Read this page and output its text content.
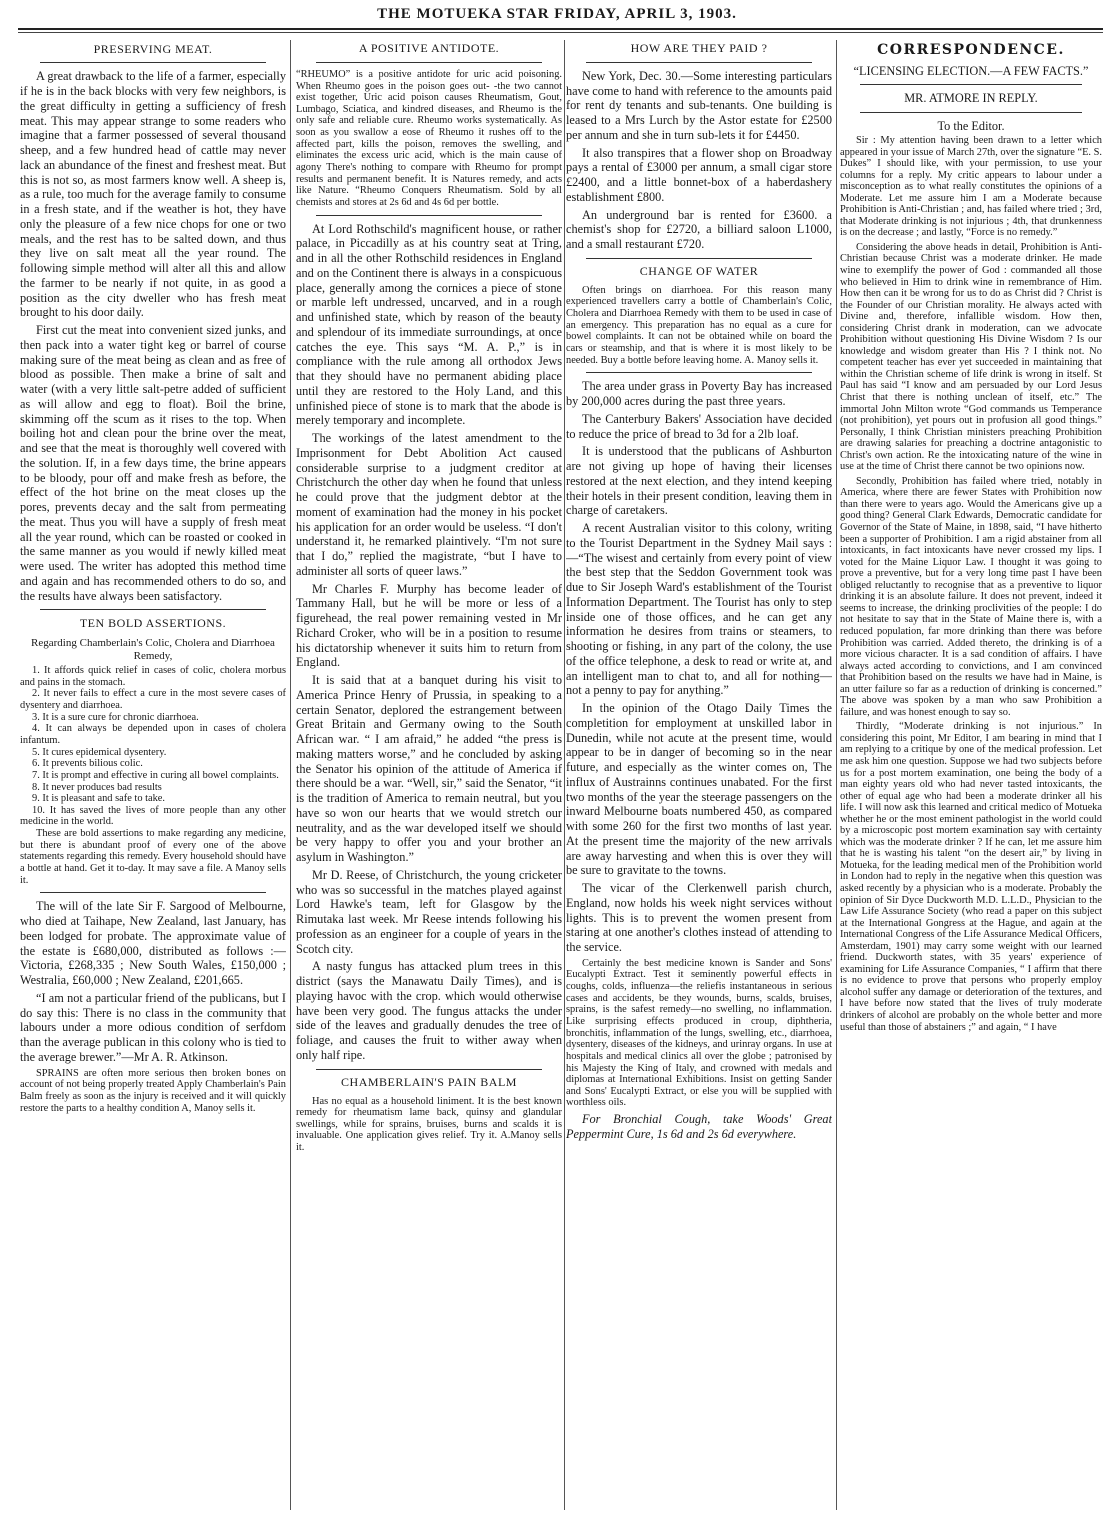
THE MOTUEKA STAR FRIDAY, APRIL 3, 1903.
PRESERVING MEAT.

A great drawback to the life of a farmer, especially if he is in the back blocks with very few neighbors, is the great difficulty in getting a sufficiency of fresh meat. This may appear strange to some readers who imagine that a farmer possessed of several thousand sheep, and a few hundred head of cattle may never lack an abundance of the finest and freshest meat. But this is not so, as most farmers know well. A sheep is, as a rule, too much for the average family to consume in a fresh state, and if the weather is hot, they have only the pleasure of a few nice chops for one or two meals, and the rest has to be salted down, and thus they live on salt meat all the year round. The following simple method will alter all this and allow the farmer to be nearly if not quite, in as good a position as the city dweller who has fresh meat brought to his door daily.

First cut the meat into convenient sized junks, and then pack into a water tight keg or barrel of course making sure of the meat being as clean and as free of blood as possible. Then make a brine of salt and water (with a very little salt-petre added of sufficient as will allow and egg to float). Boil the brine, skimming off the scum as it rises to the top. When boiling hot and clean pour the brine over the meat, and see that the meat is thoroughly well covered with the solution. If, in a few days time, the brine appears to be bloody, pour off and make fresh as before, the effect of the hot brine on the meat closes up the pores, prevents decay and the salt from permeating the meat. Thus you will have a supply of fresh meat all the year round, which can be roasted or cooked in the same manner as you would if newly killed meat were used. The writer has adopted this method time and again and has recommended others to do so, and the results have always been satisfactory.

TEN BOLD ASSERTIONS.
Regarding Chamberlain's Colic, Cholera and Diarrhoea Remedy,
1. It affords quick relief in cases of colic, cholera morbus and pains in the stomach.
2. It never fails to effect a cure in the most severe cases of dysentery and diarrhoea.
3. It is a sure cure for chronic diarrhoea.
4. It can always be depended upon in cases of cholera infantum.
5. It cures epidemical dysentery.
6. It prevents bilious colic.
7. It is prompt and effective in curing all bowel complaints.
8. It never produces bad results
9. It is pleasant and safe to take.
10. It has saved the lives of more people than any other medicine in the world.

These are bold assertions to make regarding any medicine, but there is abundant proof of every one of the above statements regarding this remedy. Every household should have a bottle at hand. Get it to-day. It may save a file. A Manoy sells it.

The will of the late Sir F. Sargood of Melbourne, who died at Taihape, New Zealand, last January, has been lodged for probate. The approximate value of the estate is £680,000, distributed as follows :—Victoria, £268,335 ; New South Wales, £150,000 ; Westralia, £60,000 ; New Zealand, £201,665.

“I am not a particular friend of the publicans, but I do say this: There is no class in the community that labours under a more odious condition of serfdom than the average publican in this colony who is tied to the average brewer.”—Mr A. R. Atkinson.

SPRAINS are often more serious then broken bones on account of not being properly treated Apply Chamberlain's Pain Balm freely as soon as the injury is received and it will quickly restore the parts to a healthy condition A, Manoy sells it.

A POSITIVE ANTIDOTE.

“RHEUMO” is a positive antidote for uric acid poisoning. When Rheumo goes in the poison goes out- -the two cannot exist together, Uric acid poison causes Rheumatism, Gout, Lumbago, Sciatica, and kindred diseases, and Rheumo is the only safe and reliable cure. Rheumo works systematically. As soon as you swallow a eose of Rheumo it rushes off to the affected part, kills the poison, removes the swelling, and eliminates the excess uric acid, which is the main cause of agony There's nothing to compare with Rheumo for prompt results and permanent benefit. It is Natures remedy, and acts like Nature. “Rheumo Conquers Rheumatism. Sold by all chemists and stores at 2s 6d and 4s 6d per bottle.

At Lord Rothschild's magnificent house, or rather palace, in Piccadilly as at his country seat at Tring, and in all the other Rothschild residences in England and on the Continent there is always in a conspicuous place, generally among the cornices a piece of stone or marble left undressed, uncarved, and in a rough and unfinished state, which by reason of the beauty and splendour of its immediate surroundings, at once catches the eye. This says “M. A. P.,” is in compliance with the rule among all orthodox Jews that they should have no permanent abiding place until they are restored to the Holy Land, and this unfinished piece of stone is to mark that the abode is merely temporary and incomplete.

The workings of the latest amendment to the Imprisonment for Debt Abolition Act caused considerable surprise to a judgment creditor at Christchurch the other day when he found that unless he could prove that the judgment debtor at the moment of examination had the money in his pocket his application for an order would be useless. “I don't understand it, he remarked plaintively. “I'm not sure that I do,” replied the magistrate, “but I have to administer all sorts of queer laws.”

Mr Charles F. Murphy has become leader of Tammany Hall, but he will be more or less of a figurehead, the real power remaining vested in Mr Richard Croker, who will be in a position to resume his dictatorship whenever it suits him to return from England.

It is said that at a banquet during his visit to America Prince Henry of Prussia, in speaking to a certain Senator, deplored the estrangement between Great Britain and Germany owing to the South African war. “ I am afraid,” he added “the press is making matters worse,” and he concluded by asking the Senator his opinion of the attitude of America if there should be a war. “Well, sir,” said the Senator, “it is the tradition of America to remain neutral, but you have so won our hearts that we would stretch our neutrality, and as the war developed itself we should be very happy to offer you and your brother an asylum in Washington.”

Mr D. Reese, of Christchurch, the young cricketer who was so successful in the matches played against Lord Hawke's team, left for Glasgow by the Rimutaka last week. Mr Reese intends following his profession as an engineer for a couple of years in the Scotch city.

A nasty fungus has attacked plum trees in this district (says the Manawatu Daily Times), and is playing havoc with the crop. which would otherwise have been very good. The fungus attacks the under side of the leaves and gradually denudes the tree of foliage, and causes the fruit to wither away when only half ripe.

CHAMBERLAIN'S PAIN BALM

Has no equal as a household liniment. It is the best known remedy for rheumatism lame back, quinsy and glandular swellings, while for sprains, bruises, burns and scalds it is invaluable. One application gives relief. Try it. A.Manoy sells it.

HOW ARE THEY PAID ?

New York, Dec. 30.—Some interesting particulars have come to hand with reference to the amounts paid for rent dy tenants and sub-tenants. One building is leased to a Mrs Lurch by the Astor estate for £2500 per annum and she in turn sub-lets it for £4450.

It also transpires that a flower shop on Broadway pays a rental of £3000 per annum, a small cigar store £2400, and a little bonnet-box of a haberdashery establishment £800.

An underground bar is rented for £3600. a chemist's shop for £2720, a billiard saloon L1000, and a small restaurant £720.

CHANGE OF WATER

Often brings on diarrhoea. For this reason many experienced travellers carry a bottle of Chamberlain's Colic, Cholera and Diarrhoea Remedy with them to be used in case of an emergency. This preparation has no equal as a cure for bowel complaints. It can not be obtained while on board the cars or steamship, and that is where it is most likely to be needed. Buy a bottle before leaving home. A. Manoy sells it.

The area under grass in Poverty Bay has increased by 200,000 acres during the past three years.

The Canterbury Bakers' Association have decided to reduce the price of bread to 3d for a 2lb loaf.

It is understood that the publicans of Ashburton are not giving up hope of having their licenses restored at the next election, and they intend keeping their hotels in their present condition, leaving them in charge of caretakers.

A recent Australian visitor to this colony, writing to the Tourist Department in the Sydney Mail says :—“The wisest and certainly from every point of view the best step that the Seddon Government took was due to Sir Joseph Ward's establishment of the Tourist Information Department. The Tourist has only to step inside one of those offices, and he can get any information he desires from trains or steamers, to shooting or fishing, in any part of the colony, the use of the office telephone, a desk to read or write at, and an intelligent man to chat to, and all for nothing— not a penny to pay for anything.”

In the opinion of the Otago Daily Times the completition for employment at unskilled labor in Dunedin, while not acute at the present time, would appear to be in danger of becoming so in the near future, and especially as the winter comes on, The influx of Austrainns continues unabated. For the first two months of the year the steerage passengers on the inward Melbourne boats numbered 450, as compared with some 260 for the first two months of last year. At the present time the majority of the new arrivals are away harvesting and when this is over they will be sure to gravitate to the towns.

The vicar of the Clerkenwell parish church, England, now holds his week night services without lights. This is to prevent the women present from staring at one another's clothes instead of attending to the service.

Certainly the best medicine known is Sander and Sons' Eucalypti Extract. Test it seminently powerful effects in coughs, colds, influenza—the reliefis instantaneous in serious cases and accidents, be they wounds, burns, scalds, bruises, sprains, is the safest remedy—no swelling, no inflammation. Like surprising effects produced in croup, diphtheria, bronchitis, inflammation of the lungs, swelling, etc., diarrhoea, dysentery, diseases of the kidneys, and urinray organs. In use at hospitals and medical clinics all over the globe ; patronised by his Majesty the King of Italy, and crowned with medals and diplomas at International Exhibitions. Insist on getting Sander and Sons' Eucalypti Extract, or else you will be supplied with worthless oils.

For Bronchial Cough, take Woods' Great Peppermint Cure, 1s 6d and 2s 6d everywhere.

CORRESPONDENCE.
“LICENSING ELECTION.—A FEW FACTS.”
MR. ATMORE IN REPLY.
To the Editor.

Sir : My attention having been drawn to a letter which appeared in your issue of March 27th, over the signature “E. S. Dukes” I should like, with your permission, to use your columns for a reply. My critic appears to labour under a misconception as to what really constitutes the opinions of a Moderate. Let me assure him I am a Moderate because Prohibition is Anti-Christian ; and, has failed where tried ; 3rd, that Moderate drinking is not injurious ; 4th, that drunkenness is on the decrease ; and lastly, “Force is no remedy.”

Considering the above heads in detail, Prohibition is Anti-Christian because Christ was a moderate drinker. He made wine to exemplify the power of God : commanded all those who believed in Him to drink wine in remembrance of Him. How then can it be wrong for us to do as Christ did ? Christ is the Founder of our Christian morality. He always acted with Divine and, therefore, infallible wisdom. How then, considering Christ drank in moderation, can we advocate Prohibition without questioning His Divine Wisdom ? Is our knowledge and wisdom greater than His ? I think not. No competent teacher has ever yet succeeded in maintaining that within the Christian scheme of life drink is wrong in itself. St Paul has said “I know and am persuaded by our Lord Jesus Christ that there is nothing unclean of itself, etc.” The immortal John Milton wrote “God commands us Temperance (not prohibition), yet pours out in profusion all good things.” Personally, I think Christian ministers preaching Prohibition are drawing salaries for preaching a doctrine antagonistic to Christ's own action. Re the intoxicating nature of the wine in use at the time of Christ there cannot be two opinions now.

Secondly, Prohibition has failed where tried, notably in America, where there are fewer States with Prohibition now than there were to years ago. Would the Americans give up a good thing? General Clark Edwards, Democratic candidate for Governor of the State of Maine, in 1898, said, “I have hitherto been a supporter of Prohibition. I am a rigid abstainer from all intoxicants, in fact intoxicants have never crossed my lips. I voted for the Maine Liquor Law. I thought it was going to prove a preventive, but for a very long time past I have been obliged reluctantly to recognise that as a preventive to liquor drinking it is an absolute failure. It does not prevent, indeed it seems to increase, the drinking proclivities of the people: I do not hesitate to say that in the State of Maine there is, with a reduced population, far more drinking than there was before Prohibition was carried. Added thereto, the drinking is of a more vicious character. It is a sad condition of affairs. I have always acted according to convictions, and I am convinced that Prohibition based on the results we have had in Maine, is an utter failure so far as a reduction of drinking is concerned.” The above was spoken by a man who saw Prohibition a failure, and was honest enough to say so.

Thirdly, “Moderate drinking is not injurious.” In considering this point, Mr Editor, I am bearing in mind that I am replying to a critique by one of the medical profession. Let me ask him one question. Suppose we had two subjects before us for a post mortem examination, one being the body of a man eighty years old who had never tasted intoxicants, the other of equal age who had been a moderate drinker all his life. I will now ask this learned and critical medico of Motueka whether he or the most eminent pathologist in the world could by a microscopic post mortem examination say with certainty which was the moderate drinker ? If he can, let me assure him that he is wasting his talent “on the desert air,” by living in Motueka, for the leading medical men of the Prohibition world in London had to reply in the negative when this question was asked recently by a physician who is a moderate. Probably the opinion of Sir Dyce Duckworth M.D. L.L.D., Physician to the Law Life Assurance Society (who read a paper on this subject at the International Gongress at the Hague, and again at the International Congress of the Life Assurance Medical Officers, Amsterdam, 1901) may carry some weight with our learned friend. Duckworth states, with 35 years' experience of examining for Life Assurance Companies, “ I affirm that there is no evidence to prove that persons who properly employ alcohol suffer any damage or deterioration of the textures, and I have before now stated that the lives of truly moderate drinkers of alcohol are probably on the whole better and more useful than those of abstainers ;” and again, “ I have
